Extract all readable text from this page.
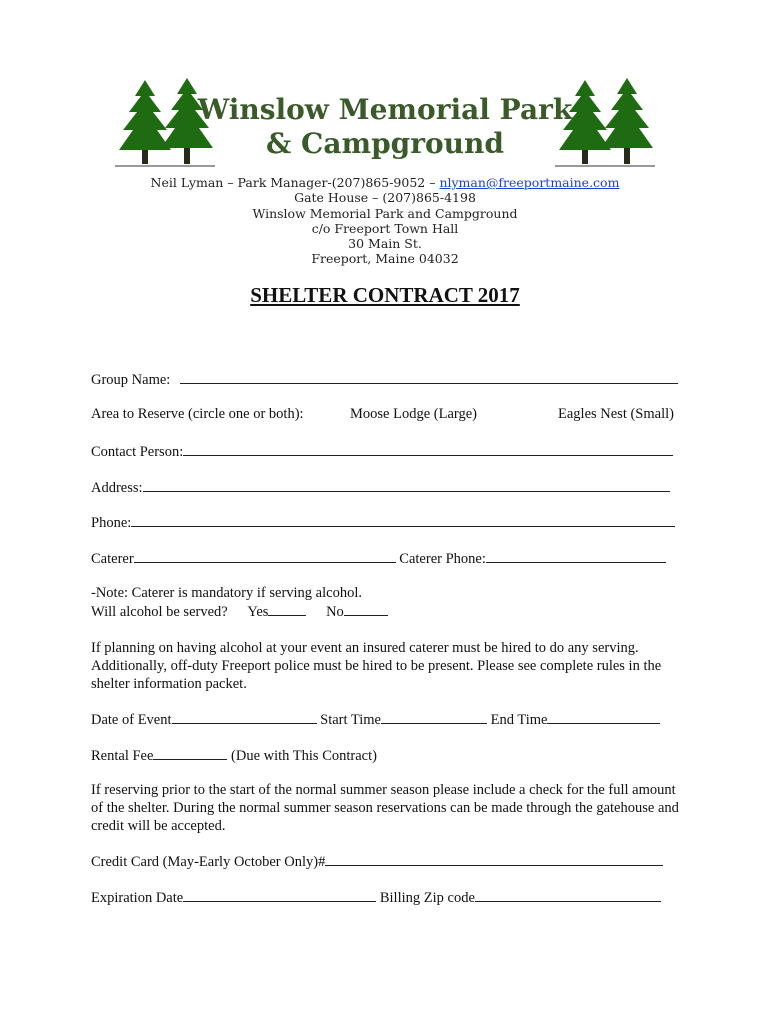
Winslow Memorial Park
& Campground
Neil Lyman – Park Manager-(207)865-9052 – nlyman@freeportmaine.com
Gate House – (207)865-4198
Winslow Memorial Park and Campground
c/o Freeport Town Hall
30 Main St.
Freeport, Maine 04032
SHELTER CONTRACT 2017
Group Name:
Area to Reserve (circle one or both):	Moose Lodge (Large)	Eagles Nest (Small)
Contact Person:
Address:
Phone:
Caterer	Caterer Phone:
-Note: Caterer is mandatory if serving alcohol.
Will alcohol be served? Yes	No
If planning on having alcohol at your event an insured caterer must be hired to do any serving. Additionally, off-duty Freeport police must be hired to be present. Please see complete rules in the shelter information packet.
Date of Event	Start Time	End Time
Rental Fee	(Due with This Contract)
If reserving prior to the start of the normal summer season please include a check for the full amount of the shelter. During the normal summer season reservations can be made through the gatehouse and credit will be accepted.
Credit Card (May-Early October Only)#
Expiration Date	Billing Zip code
